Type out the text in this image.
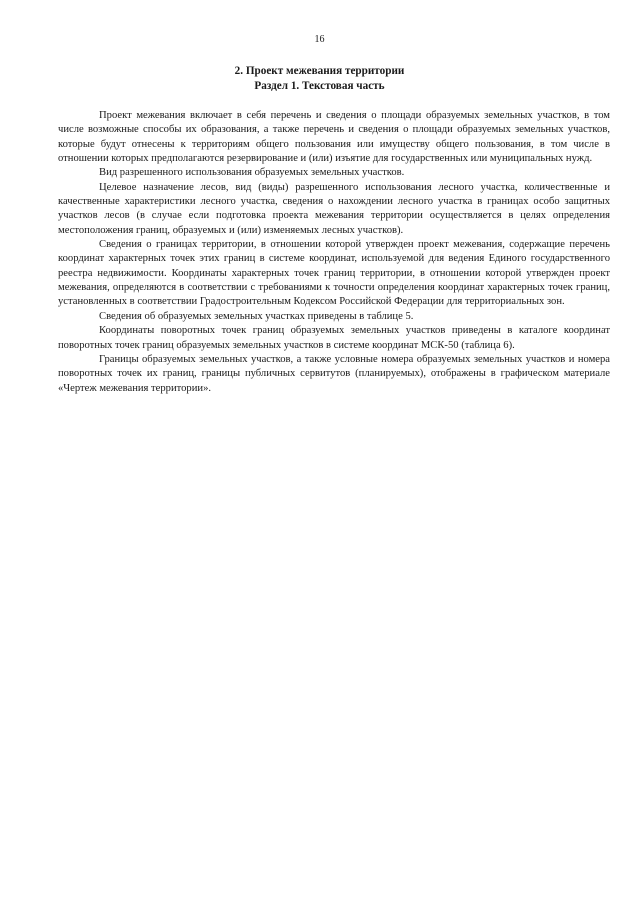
16
2. Проект межевания территории
Раздел 1. Текстовая часть

Проект межевания включает в себя перечень и сведения о площади образуемых земельных участков, в том числе возможные способы их образования, а также перечень и сведения о площади образуемых земельных участков, которые будут отнесены к территориям общего пользования или имуществу общего пользования, в том числе в отношении которых предполагаются резервирование и (или) изъятие для государственных или муниципальных нужд.

Вид разрешенного использования образуемых земельных участков.

Целевое назначение лесов, вид (виды) разрешенного использования лесного участка, количественные и качественные характеристики лесного участка, сведения о нахождении лесного участка в границах особо защитных участков лесов (в случае если подготовка проекта межевания территории осуществляется в целях определения местоположения границ, образуемых и (или) изменяемых лесных участков).

Сведения о границах территории, в отношении которой утвержден проект межевания, содержащие перечень координат характерных точек этих границ в системе координат, используемой для ведения Единого государственного реестра недвижимости. Координаты характерных точек границ территории, в отношении которой утвержден проект межевания, определяются в соответствии с требованиями к точности определения координат характерных точек границ, установленных в соответствии Градостроительным Кодексом Российской Федерации для территориальных зон.

Сведения об образуемых земельных участках приведены в таблице 5.

Координаты поворотных точек границ образуемых земельных участков приведены в каталоге координат поворотных точек границ образуемых земельных участков в системе координат МСК-50 (таблица 6).

Границы образуемых земельных участков, а также условные номера образуемых земельных участков и номера поворотных точек их границ, границы публичных сервитутов (планируемых), отображены в графическом материале «Чертеж межевания территории».
